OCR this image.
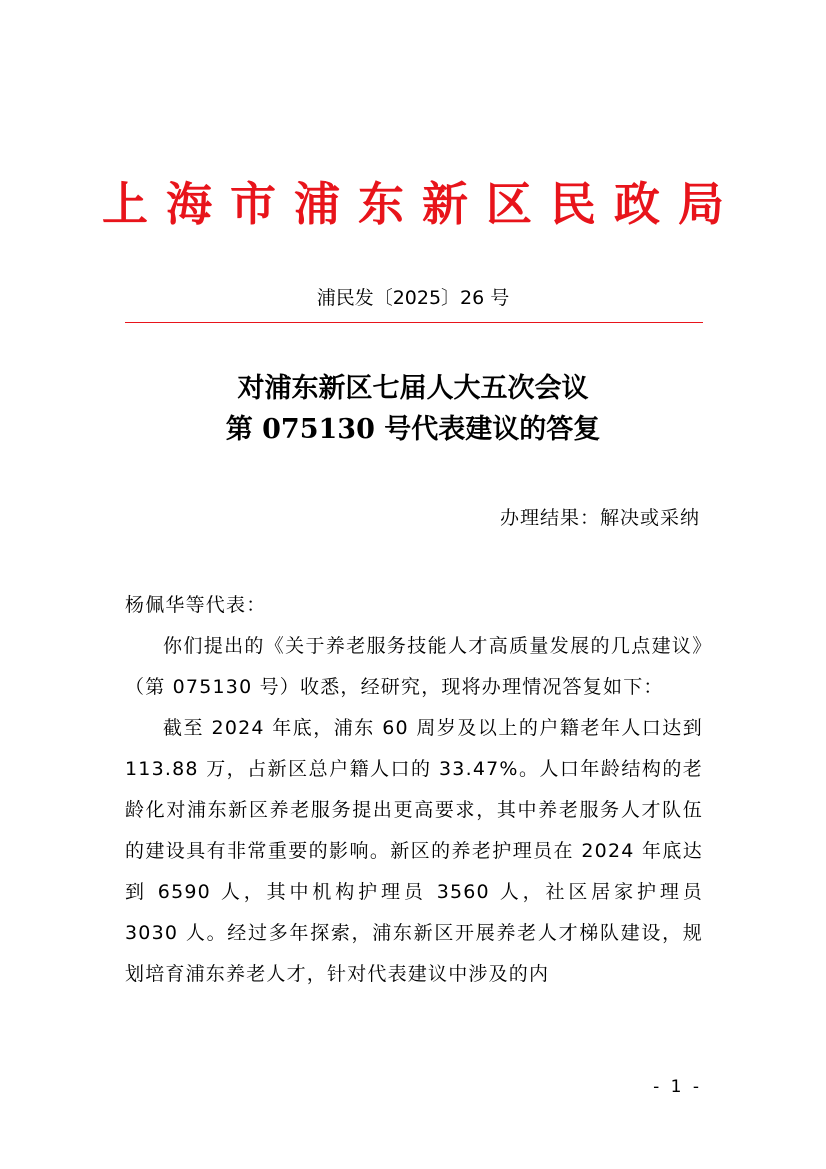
上海市浦东新区民政局
浦民发〔2025〕26 号
对浦东新区七届人大五次会议
第 075130 号代表建议的答复
办理结果：解决或采纳

杨佩华等代表：

你们提出的《关于养老服务技能人才高质量发展的几点建议》（第 075130 号）收悉，经研究，现将办理情况答复如下：

截至 2024 年底，浦东 60 周岁及以上的户籍老年人口达到 113.88 万，占新区总户籍人口的 33.47%。人口年龄结构的老龄化对浦东新区养老服务提出更高要求，其中养老服务人才队伍的建设具有非常重要的影响。新区的养老护理员在 2024 年底达到 6590 人，其中机构护理员 3560 人，社区居家护理员 3030 人。经过多年探索，浦东新区开展养老人才梯队建设，规划培育浦东养老人才，针对代表建议中涉及的内

- 1 -
